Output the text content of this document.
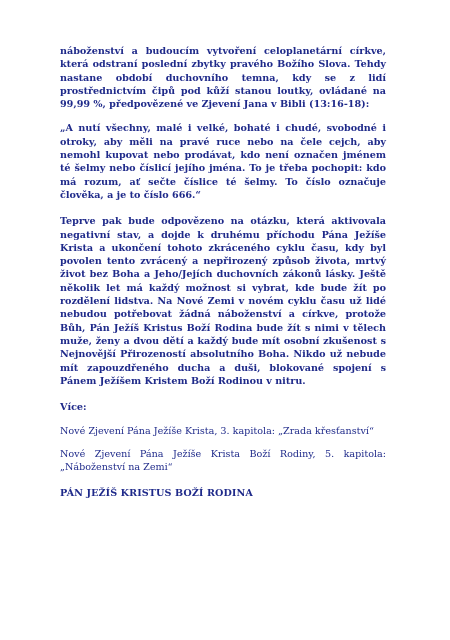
náboženství a budoucím vytvoření celoplanetární církve, která odstraní poslední zbytky pravého Božího Slova. Tehdy nastane období duchovního temna, kdy se z lidí prostřednictvím čipů pod kůží stanou loutky, ovládané na 99,99 %, předpovězené ve Zjevení Jana v Bibli (13:16-18):

„A nutí všechny, malé i velké, bohaté i chudé, svobodné i otroky, aby měli na pravé ruce nebo na čele cejch, aby nemohl kupovat nebo prodávat, kdo není označen jménem té šelmy nebo číslicí jejího jména. To je třeba pochopit: kdo má rozum, ať sečte číslice té šelmy. To číslo označuje člověka, a je to číslo 666.“

Teprve pak bude odpovězeno na otázku, která aktivovala negativní stav, a dojde k druhému příchodu Pána Ježíše Krista a ukončení tohoto zkráceného cyklu času, kdy byl povolen tento zvrácený a nepřirozený způsob života, mrtvý život bez Boha a Jeho/Jejích duchovních zákonů lásky. Ještě několik let má každý možnost si vybrat, kde bude žít po rozdělení lidstva. Na Nové Zemi v novém cyklu času už lidé nebudou potřebovat žádná náboženství a církve, protože Bůh, Pán Ježíš Kristus Boží Rodina bude žít s nimi v tělech muže, ženy a dvou dětí a každý bude mít osobní zkušenost s Nejnovější Přirozeností absolutního Boha. Nikdo už nebude mít zapouzdřeného ducha a duši, blokované spojení s Pánem Ježíšem Kristem Boží Rodinou v nitru.

Více:

Nové Zjevení Pána Ježíše Krista, 3. kapitola: „Zrada křesťanství“

Nové Zjevení Pána Ježíše Krista Boží Rodiny, 5. kapitola: „Náboženství na Zemi“

PÁN JEŽÍŠ KRISTUS BOŽÍ RODINA
